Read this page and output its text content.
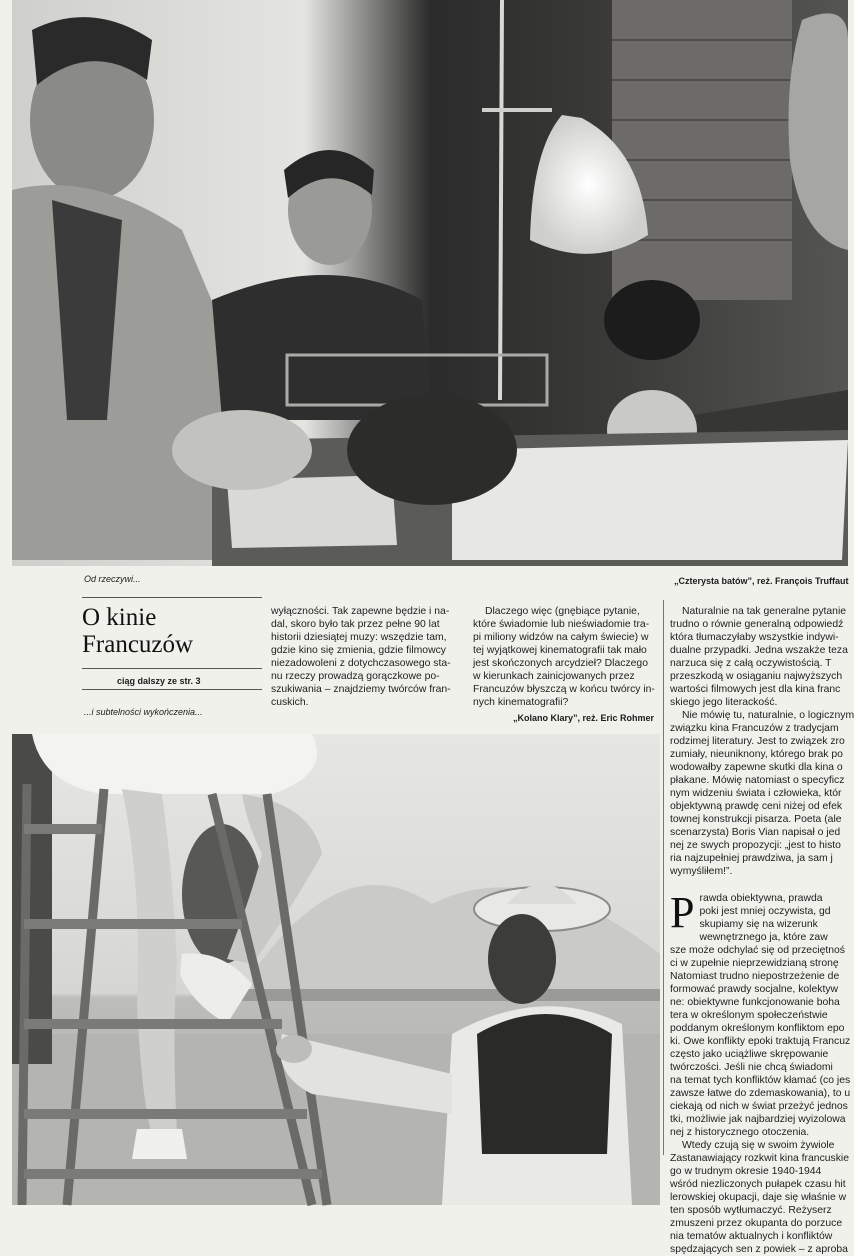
Od rzeczywi...	„Czterysta batów”, reż. François Truffaut
...i subtelności wykończenia...
„Kolano Klary”, reż. Eric Rohmer
O kinie Francuzów
ciąg dalszy ze str. 3

wyłączności. Tak zapewne będzie i na-

dal, skoro było tak przez pełne 90 lat

historii dziesiątej muzy: wszędzie tam,

gdzie kino się zmienia, gdzie filmowcy

niezadowoleni z dotychczasowego sta-

nu rzeczy prowadzą gorączkowe po-

szukiwania – znajdziemy twórców fran-

cuskich.

Dlaczego więc (gnębiące pytanie,

które świadomie lub nieświadomie tra-

pi miliony widzów na całym świecie) w

tej wyjątkowej kinematografii tak mało

jest skończonych arcydzieł? Dlaczego

w kierunkach zainicjowanych przez

Francuzów błyszczą w końcu twórcy in-

nych kinematografii?

Naturalnie na tak generalne pytanie

trudno o równie generalną odpowiedź

która tłumaczyłaby wszystkie indywi-

dualne przypadki. Jedna wszakże teza

narzuca się z całą oczywistością. T

przeszkodą w osiąganiu najwyższych

wartości filmowych jest dla kina franc

skiego jego literackość.

Nie mówię tu, naturalnie, o logicznym

związku kina Francuzów z tradycjam

rodzimej literatury. Jest to związek zro

zumiały, nieuniknony, którego brak po

wodowałby zapewne skutki dla kina o

płakane. Mówię natomiast o specyficz

nym widzeniu świata i człowieka, któr

objektywną prawdę ceni niżej od efek

townej konstrukcji pisarza. Poeta (ale

scenarzysta) Boris Vian napisał o jed

nej ze swych propozycji: „jest to histo

ria najzupełniej prawdziwa, ja sam j

wymyśliłem!”.

P rawda obiektywna, prawda

poki jest mniej oczywista, gd

skupiamy się na wizerunk

wewnętrznego ja, które zaw

sze może odchylać się od przeciętnoś

ci w zupełnie nieprzewidzianą stronę

Natomiast trudno niepostrzeżenie de

formować prawdy socjalne, kolektyw

ne: obiektywne funkcjonowanie boha

tera w określonym społeczeństwie

poddanym określonym konfliktom epo

ki. Owe konflikty epoki traktują Francuz

często jako uciążliwe skrępowanie

twórczości. Jeśli nie chcą świadomi

na temat tych konfliktów kłamać (co jes

zawsze łatwe do zdemaskowania), to u

ciekają od nich w świat przeżyć jednos

tki, możliwie jak najbardziej wyizolowa

nej z historycznego otoczenia.

Wtedy czują się w swoim żywiole

Zastanawiający rozkwit kina francuskie

go w trudnym okresie 1940-1944

wśród niezliczonych pułapek czasu hit

lerowskiej okupacji, daje się właśnie w

ten sposób wytłumaczyć. Reżyserz

zmuszeni przez okupanta do porzuce

nia tematów aktualnych i konfliktów

spędzających sen z powiek – z aproba
